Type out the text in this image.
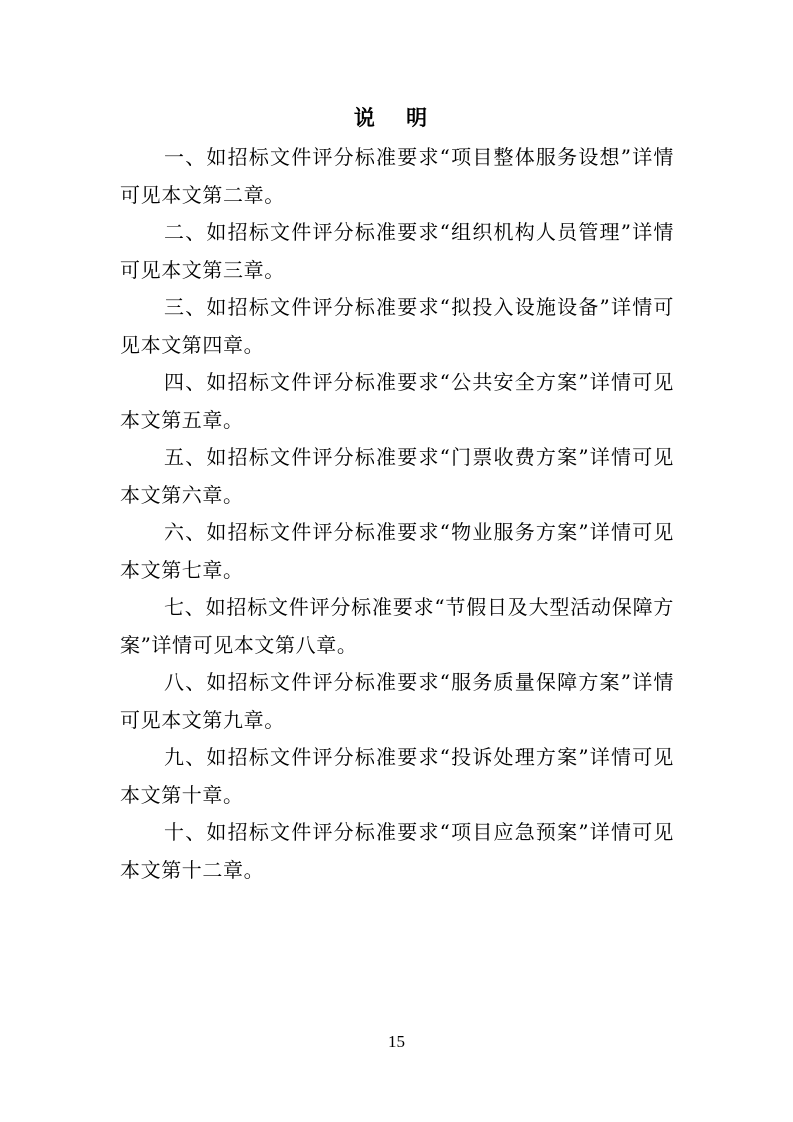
说 明

一、如招标文件评分标准要求“项目整体服务设想”详情可见本文第二章。

二、如招标文件评分标准要求“组织机构人员管理”详情可见本文第三章。

三、如招标文件评分标准要求“拟投入设施设备”详情可见本文第四章。

四、如招标文件评分标准要求“公共安全方案”详情可见本文第五章。

五、如招标文件评分标准要求“门票收费方案”详情可见本文第六章。

六、如招标文件评分标准要求“物业服务方案”详情可见本文第七章。

七、如招标文件评分标准要求“节假日及大型活动保障方案”详情可见本文第八章。

八、如招标文件评分标准要求“服务质量保障方案”详情可见本文第九章。

九、如招标文件评分标准要求“投诉处理方案”详情可见本文第十章。

十、如招标文件评分标准要求“项目应急预案”详情可见本文第十二章。

15
